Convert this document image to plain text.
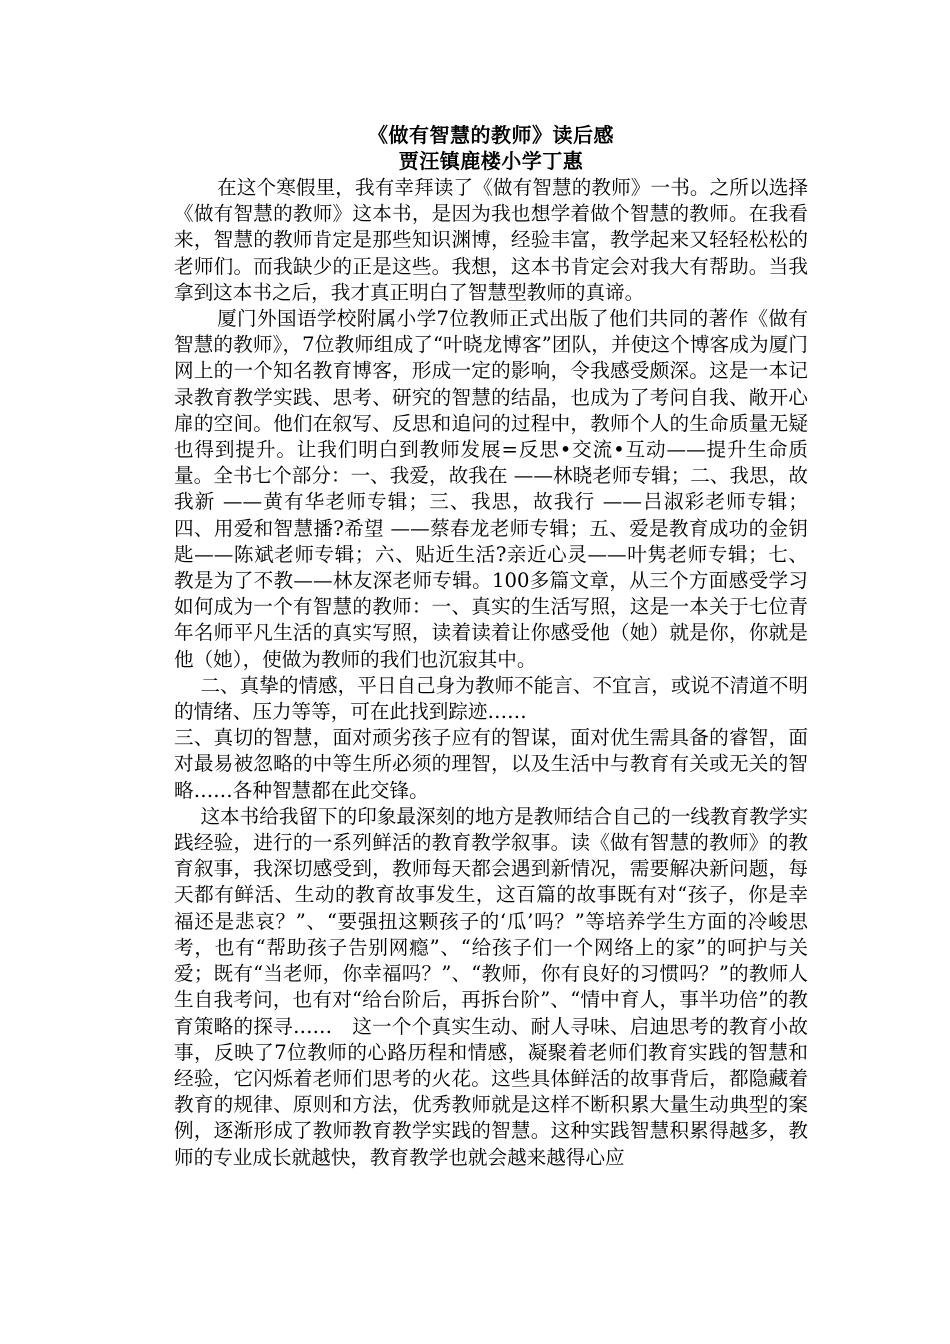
《做有智慧的教师》读后感
贾汪镇鹿楼小学丁惠

在这个寒假里，我有幸拜读了《做有智慧的教师》一书。之所以选择《做有智慧的教师》这本书，是因为我也想学着做个智慧的教师。在我看来，智慧的教师肯定是那些知识渊博，经验丰富，教学起来又轻轻松松的老师们。而我缺少的正是这些。我想，这本书肯定会对我大有帮助。当我拿到这本书之后，我才真正明白了智慧型教师的真谛。

厦门外国语学校附属小学7位教师正式出版了他们共同的著作《做有智慧的教师》，7位教师组成了“叶晓龙博客”团队，并使这个博客成为厦门网上的一个知名教育博客，形成一定的影响，令我感受颇深。这是一本记录教育教学实践、思考、研究的智慧的结晶，也成为了考问自我、敞开心扉的空间。他们在叙写、反思和追问的过程中，教师个人的生命质量无疑也得到提升。让我们明白到教师发展=反思•交流•互动——提升生命质量。全书七个部分：一、我爱，故我在 ——林晓老师专辑；二、我思，故我新 ——黄有华老师专辑；三、我思，故我行 ——吕淑彩老师专辑；四、用爱和智慧播?希望 ——蔡春龙老师专辑；五、爱是教育成功的金钥匙——陈斌老师专辑；六、贴近生活?亲近心灵——叶隽老师专辑；七、教是为了不教——林友深老师专辑。100多篇文章，从三个方面感受学习如何成为一个有智慧的教师：一、真实的生活写照，这是一本关于七位青年名师平凡生活的真实写照，读着读着让你感受他（她）就是你，你就是他（她），使做为教师的我们也沉寂其中。

二、真挚的情感，平日自己身为教师不能言、不宜言，或说不清道不明的情绪、压力等等，可在此找到踪迹……

三、真切的智慧，面对顽劣孩子应有的智谋，面对优生需具备的睿智，面对最易被忽略的中等生所必须的理智，以及生活中与教育有关或无关的智略……各种智慧都在此交锋。

这本书给我留下的印象最深刻的地方是教师结合自己的一线教育教学实践经验，进行的一系列鲜活的教育教学叙事。读《做有智慧的教师》的教育叙事，我深切感受到，教师每天都会遇到新情况，需要解决新问题，每天都有鲜活、生动的教育故事发生，这百篇的故事既有对“孩子，你是幸福还是悲哀？”、“要强扭这颗孩子的‘瓜’吗？”等培养学生方面的冷峻思考，也有“帮助孩子告别网瘾”、“给孩子们一个网络上的家”的呵护与关爱；既有“当老师，你幸福吗？”、“教师，你有良好的习惯吗？”的教师人生自我考问，也有对“给台阶后，再拆台阶”、“情中育人，事半功倍”的教育策略的探寻……　这一个个真实生动、耐人寻味、启迪思考的教育小故事，反映了7位教师的心路历程和情感，凝聚着老师们教育实践的智慧和经验，它闪烁着老师们思考的火花。这些具体鲜活的故事背后，都隐藏着教育的规律、原则和方法，优秀教师就是这样不断积累大量生动典型的案例，逐渐形成了教师教育教学实践的智慧。这种实践智慧积累得越多，教师的专业成长就越快，教育教学也就会越来越得心应
